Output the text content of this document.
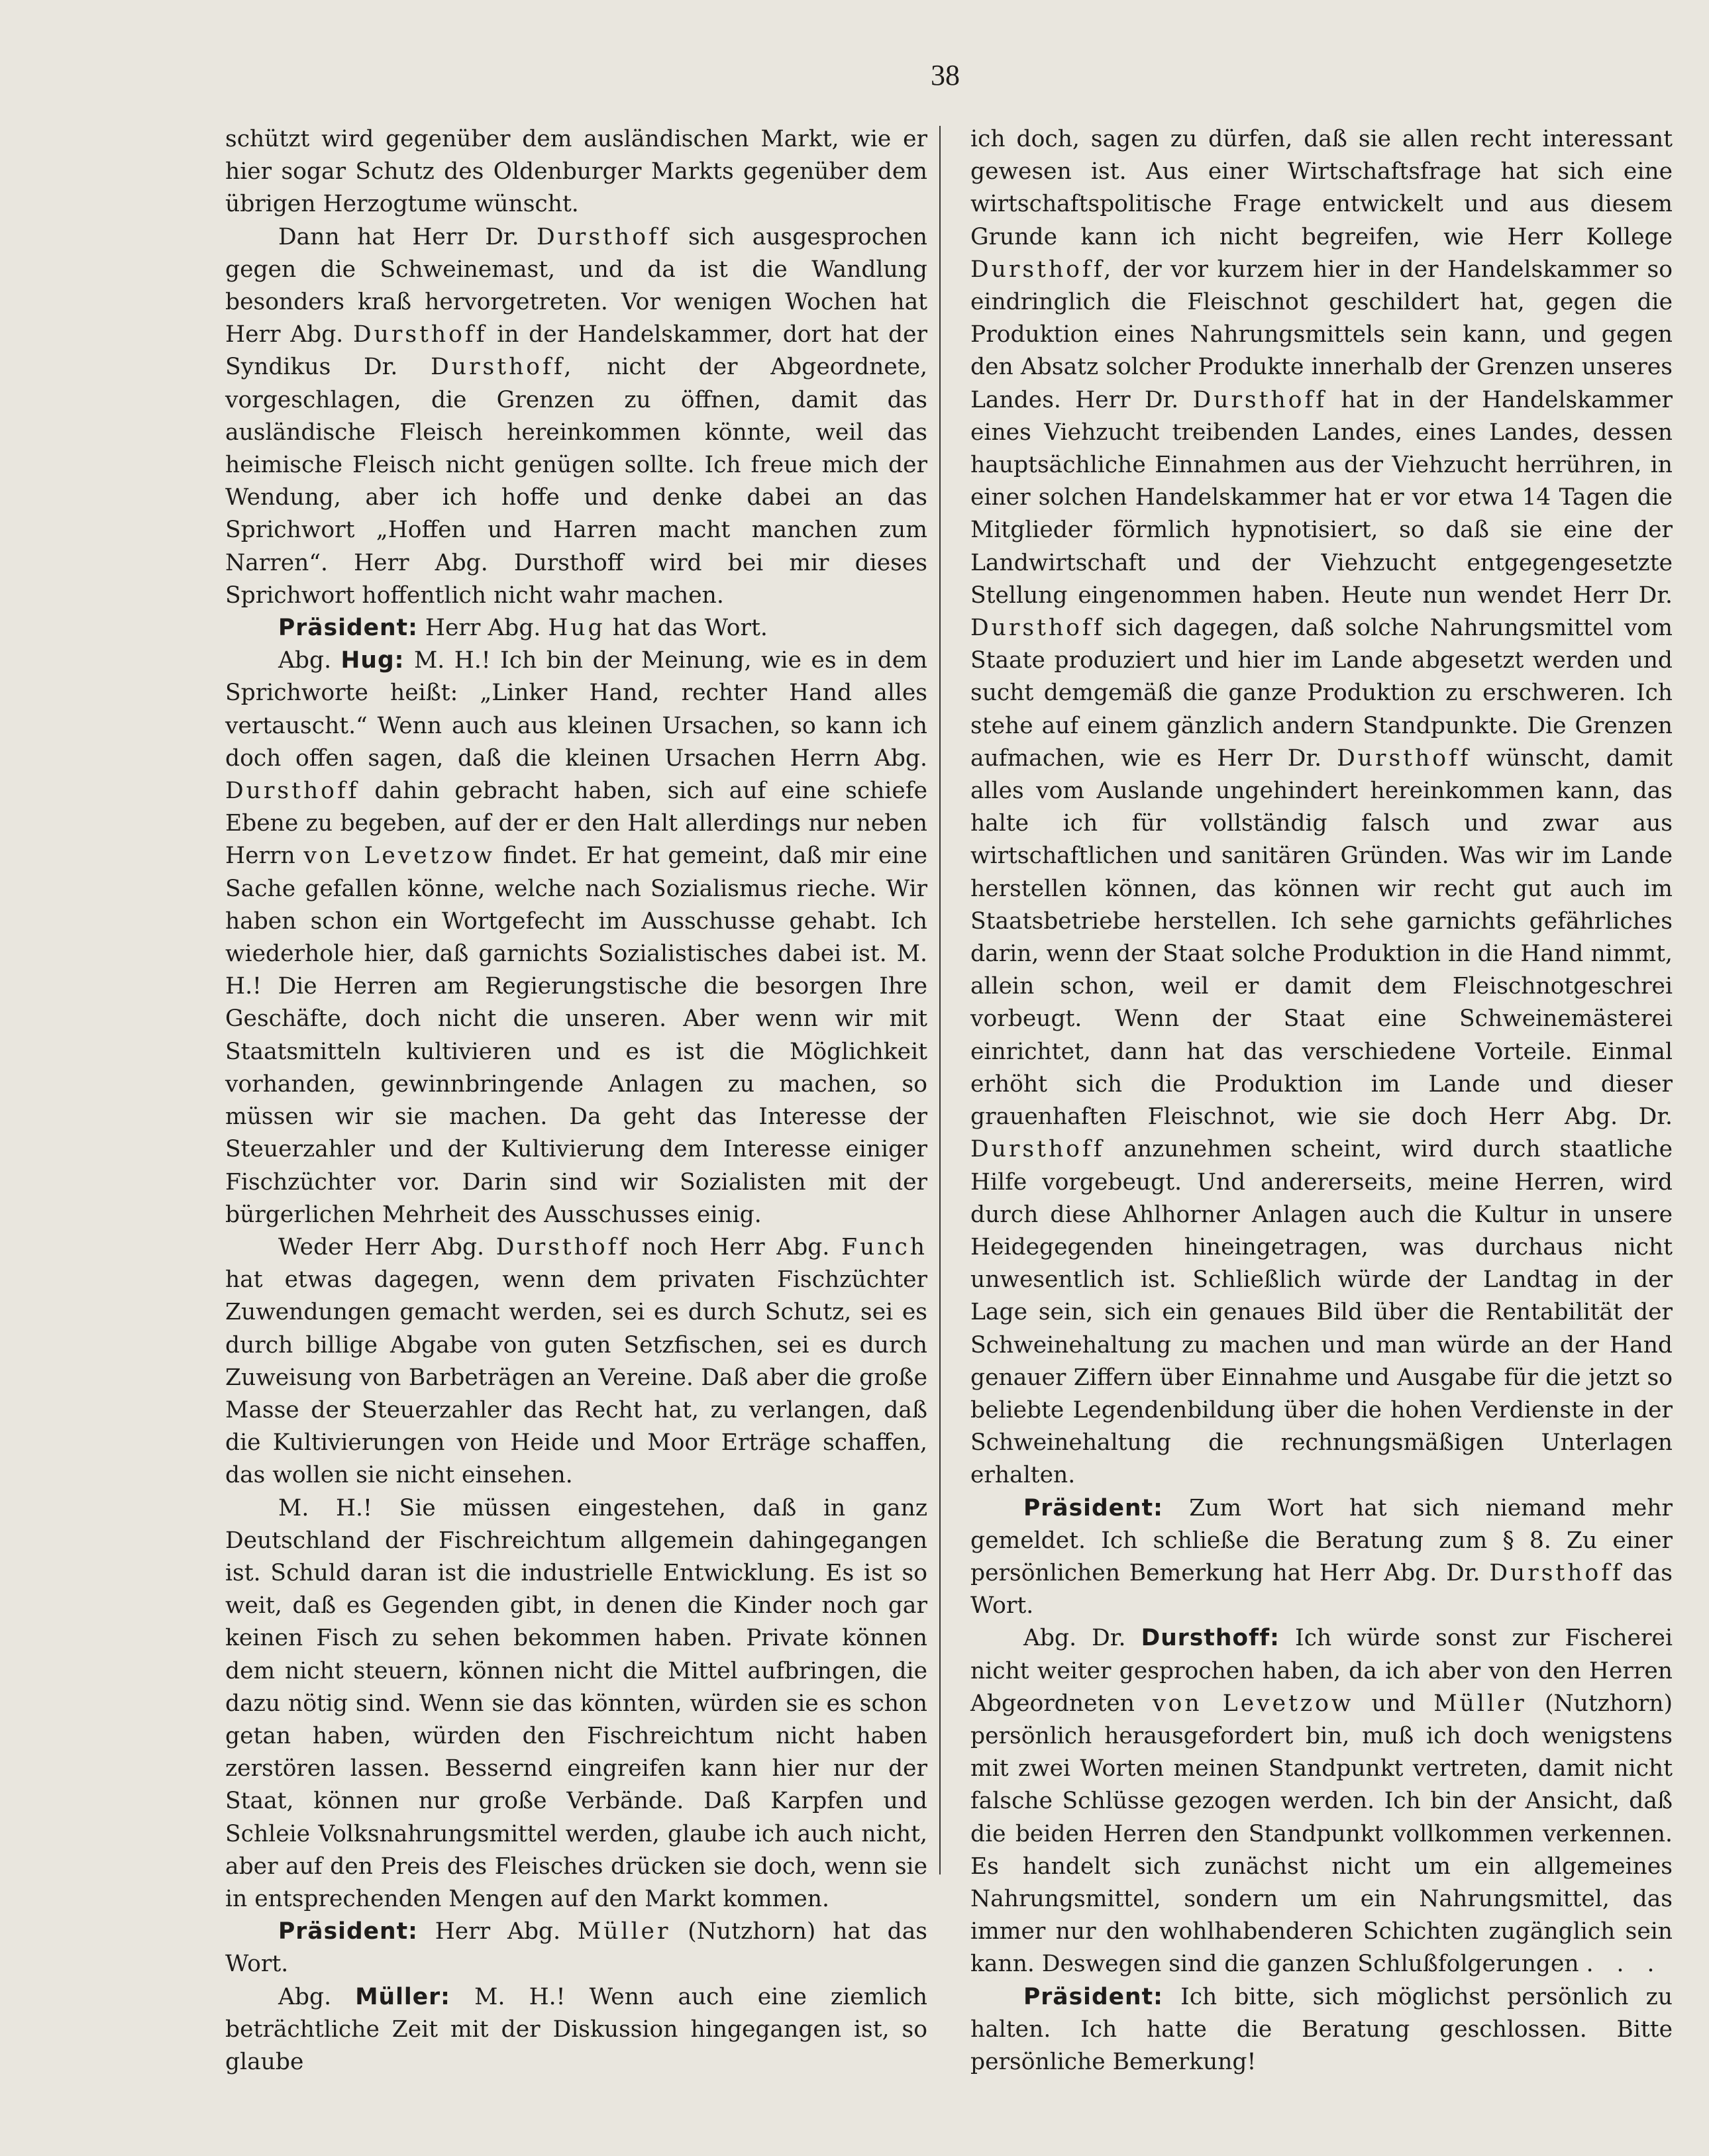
38

schützt wird gegenüber dem ausländischen Markt, wie er hier sogar Schutz des Oldenburger Markts gegenüber dem übrigen Herzogtume wünscht.

Dann hat Herr Dr. Dursthoff sich ausgesprochen gegen die Schweinemast, und da ist die Wandlung besonders kraß hervorgetreten. Vor wenigen Wochen hat Herr Abg. Dursthoff in der Handelskammer, dort hat der Syndikus Dr. Dursthoff, nicht der Abgeordnete, vorgeschlagen, die Grenzen zu öffnen, damit das ausländische Fleisch hereinkommen könnte, weil das heimische Fleisch nicht genügen sollte. Ich freue mich der Wendung, aber ich hoffe und denke dabei an das Sprichwort „Hoffen und Harren macht manchen zum Narren“. Herr Abg. Dursthoff wird bei mir dieses Sprichwort hoffentlich nicht wahr machen.

Präsident: Herr Abg. Hug hat das Wort.

Abg. Hug: M. H.! Ich bin der Meinung, wie es in dem Sprichworte heißt: „Linker Hand, rechter Hand alles vertauscht.“ Wenn auch aus kleinen Ursachen, so kann ich doch offen sagen, daß die kleinen Ursachen Herrn Abg. Dursthoff dahin gebracht haben, sich auf eine schiefe Ebene zu begeben, auf der er den Halt allerdings nur neben Herrn von Levetzow findet. Er hat gemeint, daß mir eine Sache gefallen könne, welche nach Sozialismus rieche. Wir haben schon ein Wortgefecht im Ausschusse gehabt. Ich wiederhole hier, daß garnichts Sozialistisches dabei ist. M. H.! Die Herren am Regierungstische die besorgen Ihre Geschäfte, doch nicht die unseren. Aber wenn wir mit Staatsmitteln kultivieren und es ist die Möglichkeit vorhanden, gewinnbringende Anlagen zu machen, so müssen wir sie machen. Da geht das Interesse der Steuerzahler und der Kultivierung dem Interesse einiger Fischzüchter vor. Darin sind wir Sozialisten mit der bürgerlichen Mehrheit des Ausschusses einig.

Weder Herr Abg. Dursthoff noch Herr Abg. Funch hat etwas dagegen, wenn dem privaten Fischzüchter Zuwendungen gemacht werden, sei es durch Schutz, sei es durch billige Abgabe von guten Setzfischen, sei es durch Zuweisung von Barbeträgen an Vereine. Daß aber die große Masse der Steuerzahler das Recht hat, zu verlangen, daß die Kultivierungen von Heide und Moor Erträge schaffen, das wollen sie nicht einsehen.

M. H.! Sie müssen eingestehen, daß in ganz Deutschland der Fischreichtum allgemein dahingegangen ist. Schuld daran ist die industrielle Entwicklung. Es ist so weit, daß es Gegenden gibt, in denen die Kinder noch gar keinen Fisch zu sehen bekommen haben. Private können dem nicht steuern, können nicht die Mittel aufbringen, die dazu nötig sind. Wenn sie das könnten, würden sie es schon getan haben, würden den Fischreichtum nicht haben zerstören lassen. Bessernd eingreifen kann hier nur der Staat, können nur große Verbände. Daß Karpfen und Schleie Volksnahrungsmittel werden, glaube ich auch nicht, aber auf den Preis des Fleisches drücken sie doch, wenn sie in entsprechenden Mengen auf den Markt kommen.

Präsident: Herr Abg. Müller (Nutzhorn) hat das Wort.

Abg. Müller: M. H.! Wenn auch eine ziemlich beträchtliche Zeit mit der Diskussion hingegangen ist, so glaube

ich doch, sagen zu dürfen, daß sie allen recht interessant gewesen ist. Aus einer Wirtschaftsfrage hat sich eine wirtschaftspolitische Frage entwickelt und aus diesem Grunde kann ich nicht begreifen, wie Herr Kollege Dursthoff, der vor kurzem hier in der Handelskammer so eindringlich die Fleischnot geschildert hat, gegen die Produktion eines Nahrungsmittels sein kann, und gegen den Absatz solcher Produkte innerhalb der Grenzen unseres Landes. Herr Dr. Dursthoff hat in der Handelskammer eines Viehzucht treibenden Landes, eines Landes, dessen hauptsächliche Einnahmen aus der Viehzucht herrühren, in einer solchen Handelskammer hat er vor etwa 14 Tagen die Mitglieder förmlich hypnotisiert, so daß sie eine der Landwirtschaft und der Viehzucht entgegengesetzte Stellung eingenommen haben. Heute nun wendet Herr Dr. Dursthoff sich dagegen, daß solche Nahrungsmittel vom Staate produziert und hier im Lande abgesetzt werden und sucht demgemäß die ganze Produktion zu erschweren. Ich stehe auf einem gänzlich andern Standpunkte. Die Grenzen aufmachen, wie es Herr Dr. Dursthoff wünscht, damit alles vom Auslande ungehindert hereinkommen kann, das halte ich für vollständig falsch und zwar aus wirtschaftlichen und sanitären Gründen. Was wir im Lande herstellen können, das können wir recht gut auch im Staatsbetriebe herstellen. Ich sehe garnichts gefährliches darin, wenn der Staat solche Produktion in die Hand nimmt, allein schon, weil er damit dem Fleischnotgeschrei vorbeugt. Wenn der Staat eine Schweinemästerei einrichtet, dann hat das verschiedene Vorteile. Einmal erhöht sich die Produktion im Lande und dieser grauenhaften Fleischnot, wie sie doch Herr Abg. Dr. Dursthoff anzunehmen scheint, wird durch staatliche Hilfe vorgebeugt. Und andererseits, meine Herren, wird durch diese Ahlhorner Anlagen auch die Kultur in unsere Heidegegenden hineingetragen, was durchaus nicht unwesentlich ist. Schließlich würde der Landtag in der Lage sein, sich ein genaues Bild über die Rentabilität der Schweinehaltung zu machen und man würde an der Hand genauer Ziffern über Einnahme und Ausgabe für die jetzt so beliebte Legendenbildung über die hohen Verdienste in der Schweinehaltung die rechnungsmäßigen Unterlagen erhalten.

Präsident: Zum Wort hat sich niemand mehr gemeldet. Ich schließe die Beratung zum § 8. Zu einer persönlichen Bemerkung hat Herr Abg. Dr. Dursthoff das Wort.

Abg. Dr. Dursthoff: Ich würde sonst zur Fischerei nicht weiter gesprochen haben, da ich aber von den Herren Abgeordneten von Levetzow und Müller (Nutzhorn) persönlich herausgefordert bin, muß ich doch wenigstens mit zwei Worten meinen Standpunkt vertreten, damit nicht falsche Schlüsse gezogen werden. Ich bin der Ansicht, daß die beiden Herren den Standpunkt vollkommen verkennen. Es handelt sich zunächst nicht um ein allgemeines Nahrungsmittel, sondern um ein Nahrungsmittel, das immer nur den wohlhabenderen Schichten zugänglich sein kann. Deswegen sind die ganzen Schlußfolgerungen . . .

Präsident: Ich bitte, sich möglichst persönlich zu halten. Ich hatte die Beratung geschlossen. Bitte persönliche Bemerkung!
